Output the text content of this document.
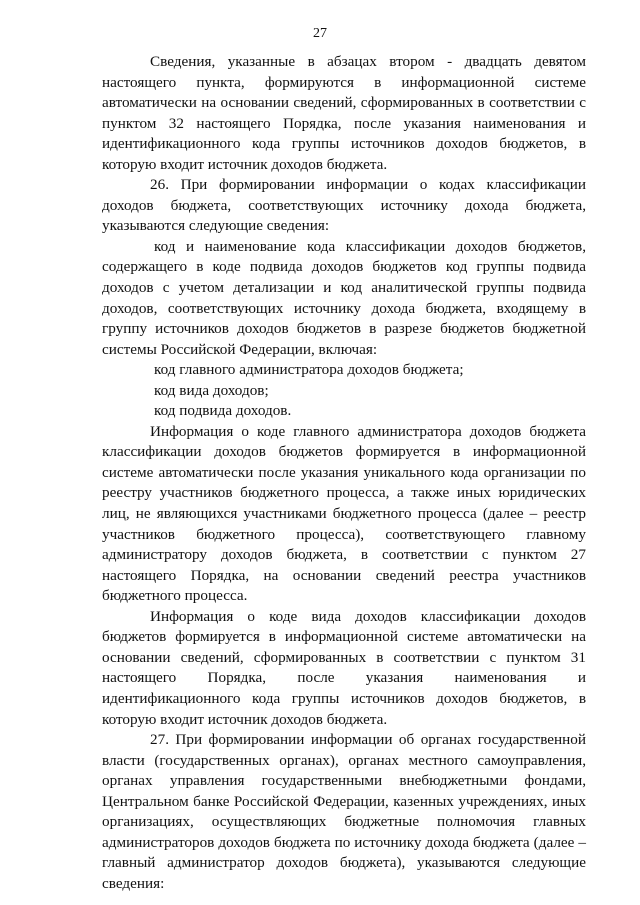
27

Сведения, указанные в абзацах втором - двадцать девятом настоящего пункта, формируются в информационной системе автоматически на основании сведений, сформированных в соответствии с пунктом 32 настоящего Порядка, после указания наименования и идентификационного кода группы источников доходов бюджетов, в которую входит источник доходов бюджета.

26. При формировании информации о кодах классификации доходов бюджета, соответствующих источнику дохода бюджета, указываются следующие сведения:

код и наименование кода классификации доходов бюджетов, содержащего в коде подвида доходов бюджетов код группы подвида доходов с учетом детализации и код аналитической группы подвида доходов, соответствующих источнику дохода бюджета, входящему в группу источников доходов бюджетов в разрезе бюджетов бюджетной системы Российской Федерации, включая:

код главного администратора доходов бюджета;

код вида доходов;

код подвида доходов.

Информация о коде главного администратора доходов бюджета классификации доходов бюджетов формируется в информационной системе автоматически после указания уникального кода организации по реестру участников бюджетного процесса, а также иных юридических лиц, не являющихся участниками бюджетного процесса (далее – реестр участников бюджетного процесса), соответствующего главному администратору доходов бюджета, в соответствии с пунктом 27 настоящего Порядка, на основании сведений реестра участников бюджетного процесса.

Информация о коде вида доходов классификации доходов бюджетов формируется в информационной системе автоматически на основании сведений, сформированных в соответствии с пунктом 31 настоящего Порядка, после указания наименования и идентификационного кода группы источников доходов бюджетов, в которую входит источник доходов бюджета.

27. При формировании информации об органах государственной власти (государственных органах), органах местного самоуправления, органах управления государственными внебюджетными фондами, Центральном банке Российской Федерации, казенных учреждениях, иных организациях, осуществляющих бюджетные полномочия главных администраторов доходов бюджета по источнику дохода бюджета (далее – главный администратор доходов бюджета), указываются следующие сведения:
